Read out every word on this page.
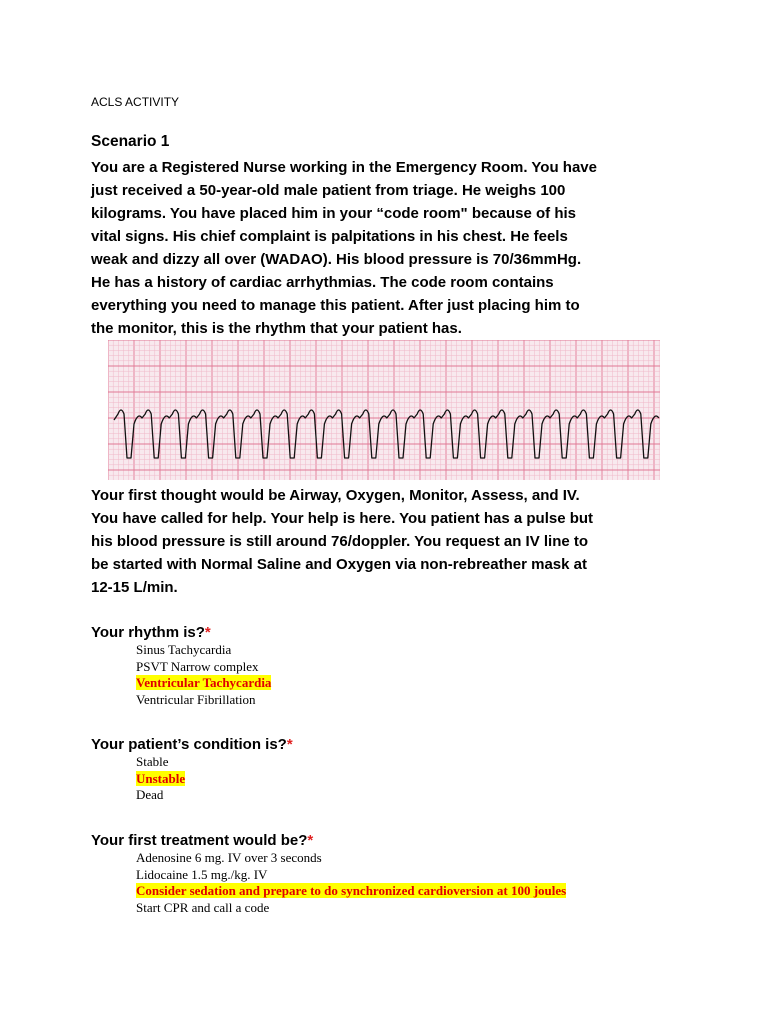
ACLS ACTIVITY
Scenario 1

You are a Registered Nurse working in the Emergency Room. You have
just received a 50-year-old male patient from triage. He weighs 100
kilograms. You have placed him in your “code room" because of his
vital signs. His chief complaint is palpitations in his chest. He feels
weak and dizzy all over (WADAO). His blood pressure is 70/36mmHg.
He has a history of cardiac arrhythmias. The code room contains
everything you need to manage this patient. After just placing him to
the monitor, this is the rhythm that your patient has.

Your first thought would be Airway, Oxygen, Monitor, Assess, and IV.
You have called for help. Your help is here. You patient has a pulse but
his blood pressure is still around 76/doppler. You request an IV line to
be started with Normal Saline and Oxygen via non-rebreather mask at
12-15 L/min.

Your rhythm is?*
Sinus Tachycardia
PSVT Narrow complex
Ventricular Tachycardia
Ventricular Fibrillation
Your patient’s condition is?*
Stable
Unstable
Dead
Your first treatment would be?*
Adenosine 6 mg. IV over 3 seconds
Lidocaine 1.5 mg./kg. IV
Consider sedation and prepare to do synchronized cardioversion at 100 joules
Start CPR and call a code
